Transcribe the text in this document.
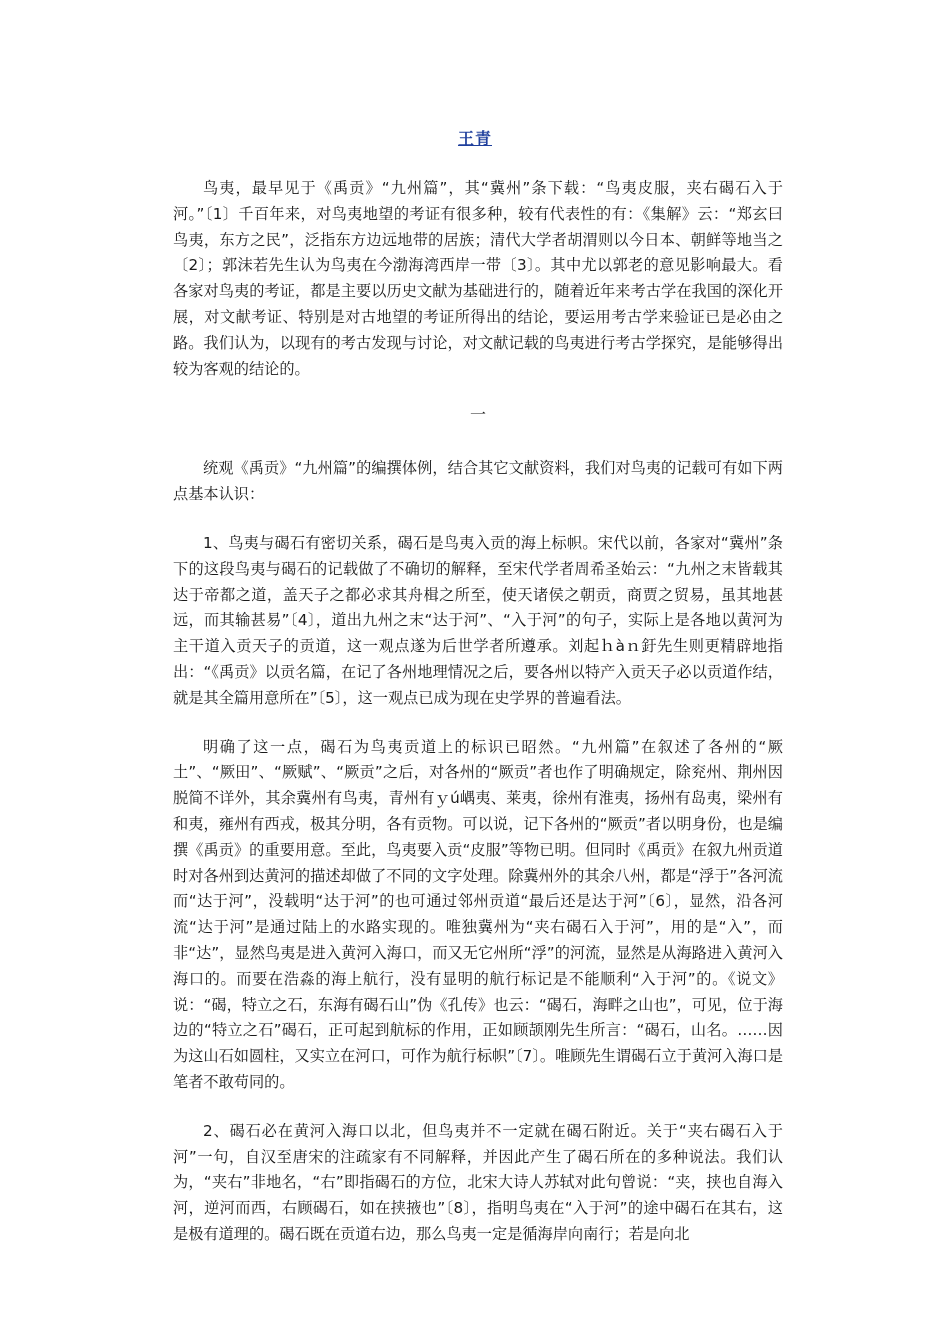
王青

鸟夷，最早见于《禹贡》“九州篇”，其“冀州”条下载：“鸟夷皮服，夹右碣石入于河。”〔1〕千百年来，对鸟夷地望的考证有很多种，较有代表性的有：《集解》云：“郑玄曰鸟夷，东方之民”，泛指东方边远地带的居族；清代大学者胡渭则以今日本、朝鲜等地当之〔2〕；郭沫若先生认为鸟夷在今渤海湾西岸一带〔3〕。其中尤以郭老的意见影响最大。看各家对鸟夷的考证，都是主要以历史文献为基础进行的，随着近年来考古学在我国的深化开展，对文献考证、特别是对古地望的考证所得出的结论，要运用考古学来验证已是必由之路。我们认为，以现有的考古发现与讨论，对文献记载的鸟夷进行考古学探究，是能够得出较为客观的结论的。

一

统观《禹贡》“九州篇”的编撰体例，结合其它文献资料，我们对鸟夷的记载可有如下两点基本认识：

1、鸟夷与碣石有密切关系，碣石是鸟夷入贡的海上标帜。宋代以前，各家对“冀州”条下的这段鸟夷与碣石的记载做了不确切的解释，至宋代学者周希圣始云：“九州之末皆载其达于帝都之道，盖天子之都必求其舟楫之所至，使天诸侯之朝贡，商贾之贸易，虽其地甚远，而其输甚易”〔4〕，道出九州之末“达于河”、“入于河”的句子，实际上是各地以黄河为主干道入贡天子的贡道，这一观点遂为后世学者所遵承。刘起ｈàｎ釪先生则更精辟地指出：“《禹贡》以贡名篇，在记了各州地理情况之后，要各州以特产入贡天子必以贡道作结，就是其全篇用意所在”〔5〕，这一观点已成为现在史学界的普遍看法。

明确了这一点，碣石为鸟夷贡道上的标识已昭然。“九州篇”在叙述了各州的“厥土”、“厥田”、“厥赋”、“厥贡”之后，对各州的“厥贡”者也作了明确规定，除兖州、荆州因脱简不详外，其余冀州有鸟夷，青州有ｙú嵎夷、莱夷，徐州有淮夷，扬州有岛夷，梁州有和夷，雍州有西戎，极其分明，各有贡物。可以说，记下各州的“厥贡”者以明身份，也是编撰《禹贡》的重要用意。至此，鸟夷要入贡“皮服”等物已明。但同时《禹贡》在叙九州贡道时对各州到达黄河的描述却做了不同的文字处理。除冀州外的其余八州，都是“浮于”各河流而“达于河”，没载明“达于河”的也可通过邻州贡道“最后还是达于河”〔6〕，显然，沿各河流“达于河”是通过陆上的水路实现的。唯独冀州为“夹右碣石入于河”，用的是“入”，而非“达”，显然鸟夷是进入黄河入海口，而又无它州所“浮”的河流，显然是从海路进入黄河入海口的。而要在浩淼的海上航行，没有显明的航行标记是不能顺利“入于河”的。《说文》说：“碣，特立之石，东海有碣石山”伪《孔传》也云：“碣石，海畔之山也”，可见，位于海边的“特立之石”碣石，正可起到航标的作用，正如顾颉刚先生所言：“碣石，山名。……因为这山石如圆柱，又实立在河口，可作为航行标帜”〔7〕。唯顾先生谓碣石立于黄河入海口是笔者不敢苟同的。

2、碣石必在黄河入海口以北，但鸟夷并不一定就在碣石附近。关于“夹右碣石入于河”一句，自汉至唐宋的注疏家有不同解释，并因此产生了碣石所在的多种说法。我们认为，“夹右”非地名，“右”即指碣石的方位，北宋大诗人苏轼对此句曾说：“夹，挟也自海入河，逆河而西，右顾碣石，如在挟掖也”〔8〕，指明鸟夷在“入于河”的途中碣石在其右，这是极有道理的。碣石既在贡道右边，那么鸟夷一定是循海岸向南行；若是向北
